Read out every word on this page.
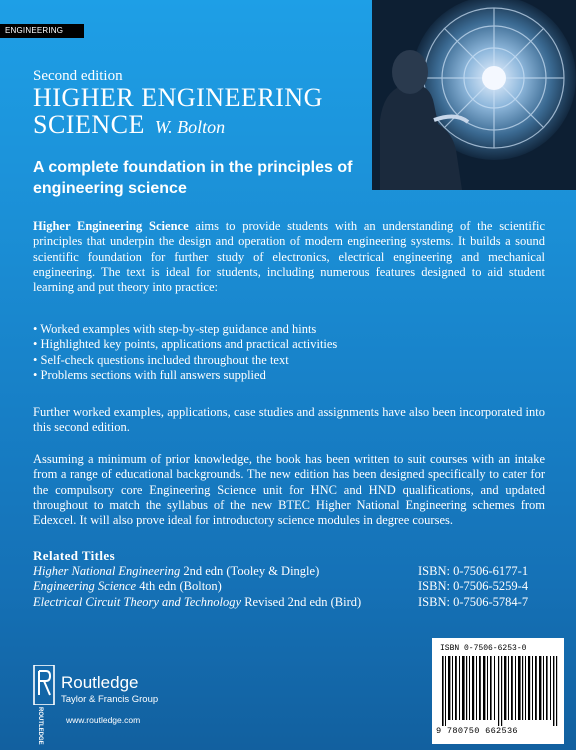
ENGINEERING
Second edition
HIGHER ENGINEERING
SCIENCE W. Bolton
A complete foundation in the principles of engineering science
Higher Engineering Science aims to provide students with an understanding of the scientific principles that underpin the design and operation of modern engineering systems. It builds a sound scientific foundation for further study of electronics, electrical engineering and mechanical engineering. The text is ideal for students, including numerous features designed to aid student learning and put theory into practice:
• Worked examples with step-by-step guidance and hints
• Highlighted key points, applications and practical activities
• Self-check questions included throughout the text
• Problems sections with full answers supplied
Further worked examples, applications, case studies and assignments have also been incorporated into this second edition.
Assuming a minimum of prior knowledge, the book has been written to suit courses with an intake from a range of educational backgrounds. The new edition has been designed specifically to cater for the compulsory core Engineering Science unit for HNC and HND qualifications, and updated throughout to match the syllabus of the new BTEC Higher National Engineering schemes from Edexcel. It will also prove ideal for introductory science modules in degree courses.
Related Titles
Higher National Engineering 2nd edn (Tooley & Dingle)	ISBN: 0-7506-6177-1
Engineering Science 4th edn (Bolton)	ISBN: 0-7506-5259-4
Electrical Circuit Theory and Technology Revised 2nd edn (Bird)	ISBN: 0-7506-5784-7
ROUTLEDGE
Routledge
Taylor & Francis Group
www.routledge.com
ISBN 0-7506-6253-0
9 780750 662536
